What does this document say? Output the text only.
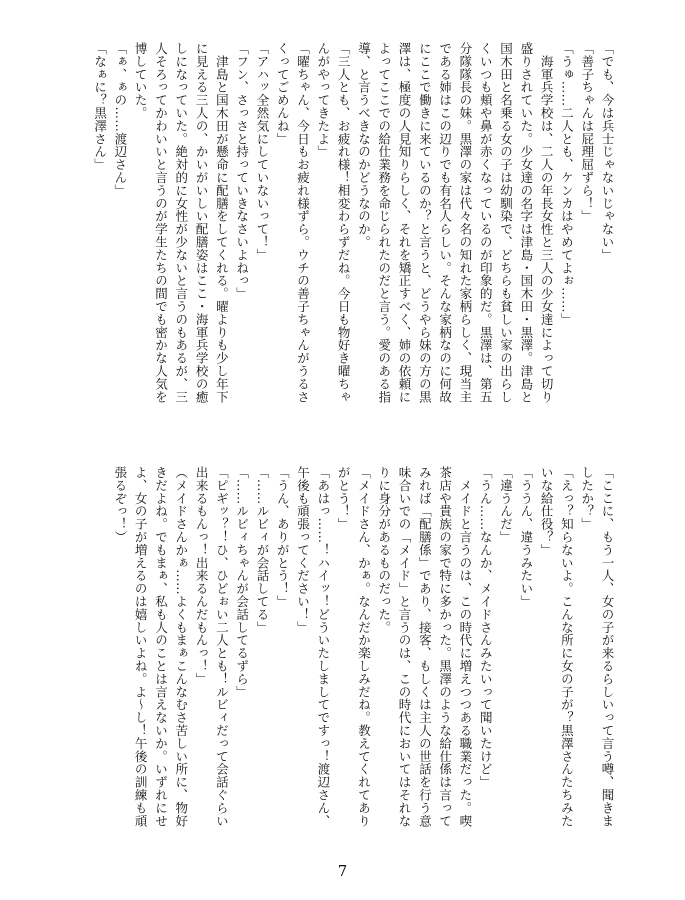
「でも、今は兵士じゃないじゃない」
「善子ちゃんは屁理屈ずら！」
「うゅ……二人とも、ケンカはやめてよぉ……」
　海軍兵学校は、二人の年長女性と三人の少女達によって切り
盛りされていた。少女達の名字は津島・国木田・黒澤。津島と
国木田と名乗る女の子は幼馴染で、どちらも貧しい家の出らし
くいつも頬や鼻が赤くなっているのが印象的だ。黒澤は、第五
分隊隊長の妹。黒澤の家は代々名の知れた家柄らしく、現当主
である姉はこの辺りでも有名人らしい。そんな家柄なのに何故
にここで働きに来ているのか？と言うと、どうやら妹の方の黒
澤は、極度の人見知りらしく、それを矯正すべく、姉の依頼に
よってここでの給仕業務を命じられたのだと言う。愛のある指
導、と言うべきなのかどうなのか。
「三人とも、お疲れ様！相変わらずだね。今日も物好き曜ちゃ
んがやってきたよ」
「曜ちゃん、今日もお疲れ様ずら。ウチの善子ちゃんがうるさ
くってごめんね」
「アハッ全然気にしていないって！」
「フン、さっさと持っていきなさいよねっ」
　津島と国木田が懸命に配膳をしてくれる。曜よりも少し年下
に見える三人の、かいがいしい配膳姿はここ・海軍兵学校の癒
しになっていた。絶対的に女性が少ないと言うのもあるが、三
人そろってかわいいと言うのが学生たちの間でも密かな人気を
博していた。
「ぁ、ぁの……渡辺さん」
「なぁに？黒澤さん」
「ここに、もう一人、女の子が来るらしいって言う噂、聞きま
したか？」
「えっ？知らないよ。こんな所に女の子が？黒澤さんたちみた
いな給仕役？」
「ううん、違うみたい」
「違うんだ」
「うん……なんか、メイドさんみたいって聞いたけど」
　メイドと言うのは、この時代に増えつつある職業だった。喫
茶店や貴族の家で特に多かった。黒澤のような給仕係は言って
みれば「配膳係」であり、接客、もしくは主人の世話を行う意
味合いでの「メイド」と言うのは、この時代においてはそれな
りに身分があるものだった。
「メイドさん、かぁ。なんだか楽しみだね。教えてくれてあり
がとう！」
「あはっ……！ハイッ！どういたしましてですっ！渡辺さん、
午後も頑張ってください！」
「うん、ありがとう！」
「……ルビィが会話してる」
「……ルビィちゃんが会話してるずら」
「ピギッ？！ひ、ひどぉい二人とも！ルビィだって会話ぐらい
出来るもんっ！出来るんだもんっ！」
（メイドさんかぁ……よくもまぁこんなむさ苦しい所に、物好
きだよね。でもまぁ、私も人のことは言えないか。いずれにせ
よ、女の子が増えるのは嬉しいよね。よ～し！午後の訓練も頑
張るぞっ！）
7
